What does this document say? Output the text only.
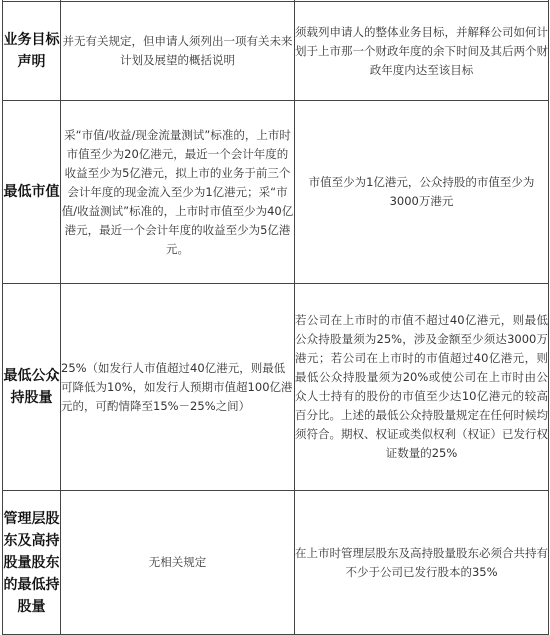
业务目标声明	并无有关规定，但申请人须列出一项有关未来计划及展望的概括说明	须载列申请人的整体业务目标，并解释公司如何计划于上市那一个财政年度的余下时间及其后两个财政年度内达至该目标
最低市值	采“市值/收益/现金流量测试”标准的，上市时市值至少为20亿港元，最近一个会计年度的收益至少为5亿港元，拟上市的业务于前三个会计年度的现金流入至少为1亿港元；采“市值/收益测试”标准的，上市时市值至少为40亿港元，最近一个会计年度的收益至少为5亿港元。	市值至少为1亿港元，公众持股的市值至少为3000万港元
最低公众持股量	25%（如发行人市值超过40亿港元，则最低可降低为10%，如发行人预期市值超100亿港元的，可酌情降至15%－25%之间）	若公司在上市时的市值不超过40亿港元，则最低公众持股量须为25%，涉及金额至少须达3000万港元；若公司在上市时的市值超过40亿港元，则最低公众持股量须为20%或使公司在上市时由公众人士持有的股份的市值至少达10亿港元的较高百分比。上述的最低公众持股量规定在任何时候均须符合。期权、权证或类似权利（权证）已发行权证数量的25%
管理层股东及高持股量股东的最低持股量	无相关规定	在上市时管理层股东及高持股量股东必须合共持有不少于公司已发行股本的35%
